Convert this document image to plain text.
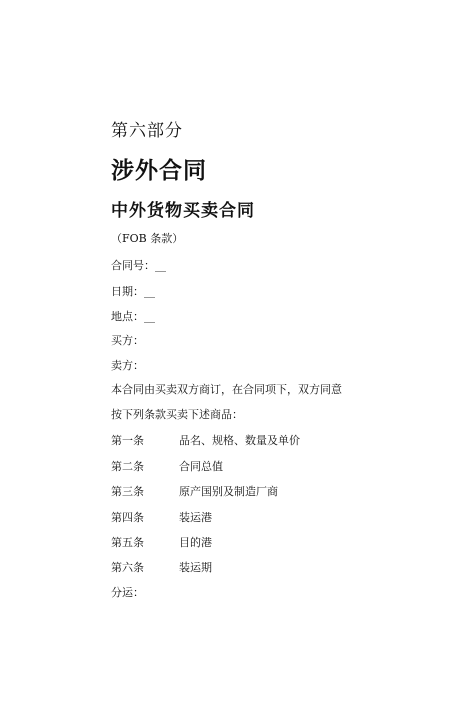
第六部分
涉外合同
中外货物买卖合同
（FOB 条款）
合同号：__
日期：__
地点：__
买方：
卖方：
本合同由买卖双方商订，在合同项下，双方同意
按下列条款买卖下述商品：
第一条	品名、规格、数量及单价
第二条	合同总值
第三条	原产国别及制造厂商
第四条	装运港
第五条	目的港
第六条	装运期
分运：
